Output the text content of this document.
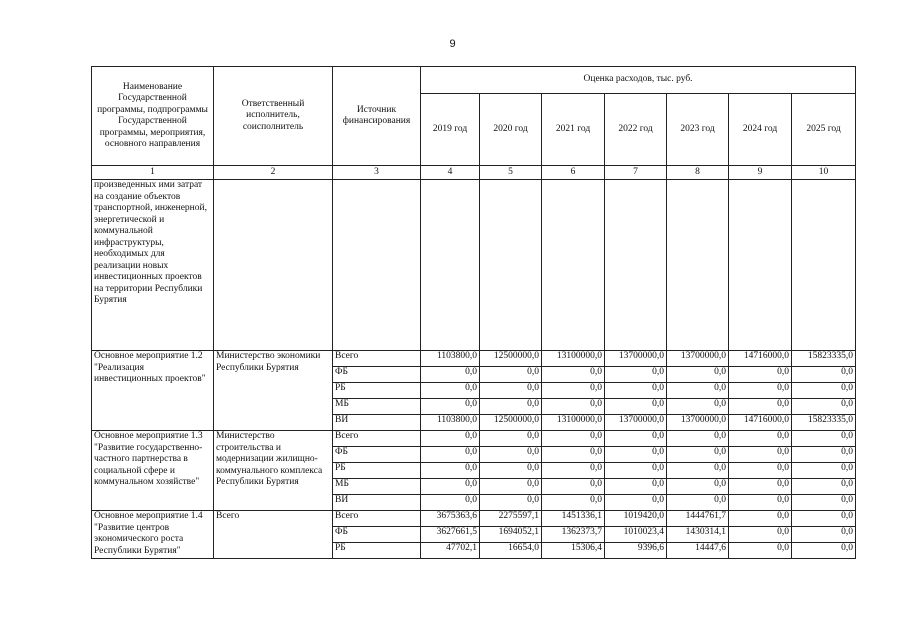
9
Наименование Государственной программы, подпрограммы Государственной программы, мероприятия, основного направления	Ответственный исполнитель, соисполнитель	Источник финансирования	Оценка расходов, тыс. руб.						
			2019 год	2020 год	2021 год	2022 год	2023 год	2024 год	2025 год
1	2	3	4	5	6	7	8	9	10
произведенных ими затрат на создание объектов транспортной, инженерной, энергетической и коммунальной инфраструктуры, необходимых для реализации новых инвестиционных проектов на территории Республики Бурятия									
Основное мероприятие 1.2 "Реализация инвестиционных проектов"	Министерство экономики Республики Бурятия	Всего	1103800,0	12500000,0	13100000,0	13700000,0	13700000,0	14716000,0	15823335,0
		ФБ	0,0	0,0	0,0	0,0	0,0	0,0	0,0
		РБ	0,0	0,0	0,0	0,0	0,0	0,0	0,0
		МБ	0,0	0,0	0,0	0,0	0,0	0,0	0,0
		ВИ	1103800,0	12500000,0	13100000,0	13700000,0	13700000,0	14716000,0	15823335,0
Основное мероприятие 1.3 "Развитие государственно-частного партнерства в социальной сфере и коммунальном хозяйстве"	Министерство строительства и модернизации жилищно-коммунального комплекса Республики Бурятия	Всего	0,0	0,0	0,0	0,0	0,0	0,0	0,0
		ФБ	0,0	0,0	0,0	0,0	0,0	0,0	0,0
		РБ	0,0	0,0	0,0	0,0	0,0	0,0	0,0
		МБ	0,0	0,0	0,0	0,0	0,0	0,0	0,0
		ВИ	0,0	0,0	0,0	0,0	0,0	0,0	0,0
Основное мероприятие 1.4 "Развитие центров экономического роста Республики Бурятия"	Всего	Всего	3675363,6	2275597,1	1451336,1	1019420,0	1444761,7	0,0	0,0
		ФБ	3627661,5	1694052,1	1362373,7	1010023,4	1430314,1	0,0	0,0
		РБ	47702,1	16654,0	15306,4	9396,6	14447,6	0,0	0,0
